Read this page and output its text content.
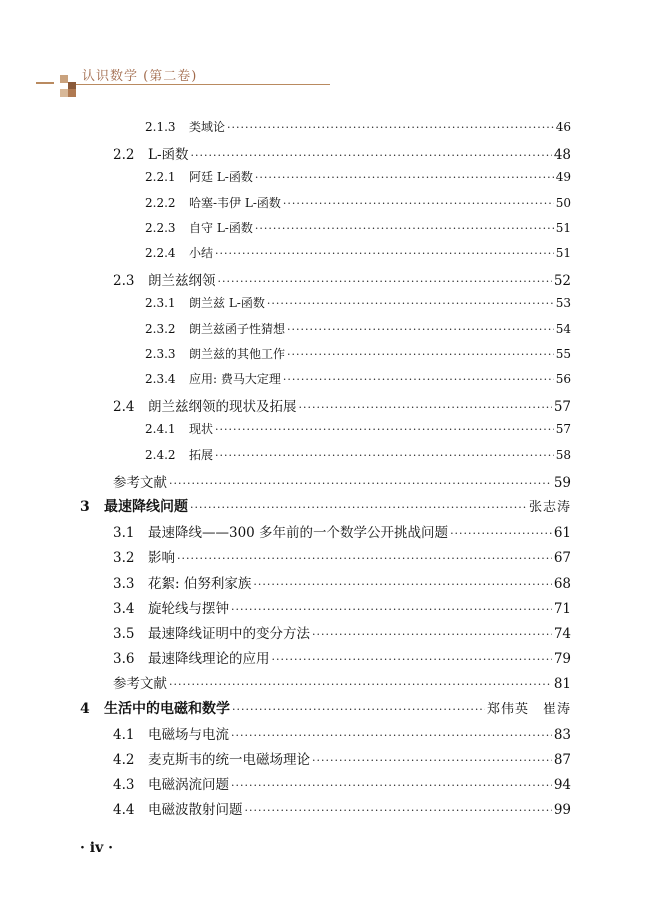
认识数学 (第二卷)
2.1.3	类域论 ·····	46
2.2	L-函数 ·····	48
2.2.1	阿廷 L-函数 ·····	49
2.2.2	哈塞-韦伊 L-函数 ·····	50
2.2.3	自守 L-函数 ·····	51
2.2.4	小结 ·····	51
2.3	朗兰兹纲领 ·····	52
2.3.1	朗兰兹 L-函数 ·····	53
2.3.2	朗兰兹函子性猜想 ·····	54
2.3.3	朗兰兹的其他工作 ·····	55
2.3.4	应用: 费马大定理 ·····	56
2.4	朗兰兹纲领的现状及拓展 ·····	57
2.4.1	现状 ·····	57
2.4.2	拓展 ·····	58
参考文献 ·····	59
3	最速降线问题 ·····	张志涛
3.1	最速降线——300 多年前的一个数学公开挑战问题 ·····	61
3.2	影响 ·····	67
3.3	花絮: 伯努利家族 ·····	68
3.4	旋轮线与摆钟 ·····	71
3.5	最速降线证明中的变分方法 ·····	74
3.6	最速降线理论的应用 ·····	79
参考文献 ·····	81
4	生活中的电磁和数学 ·····	郑伟英　崔涛
4.1	电磁场与电流 ·····	83
4.2	麦克斯韦的统一电磁场理论 ·····	87
4.3	电磁涡流问题 ·····	94
4.4	电磁波散射问题 ·····	99
· iv ·
